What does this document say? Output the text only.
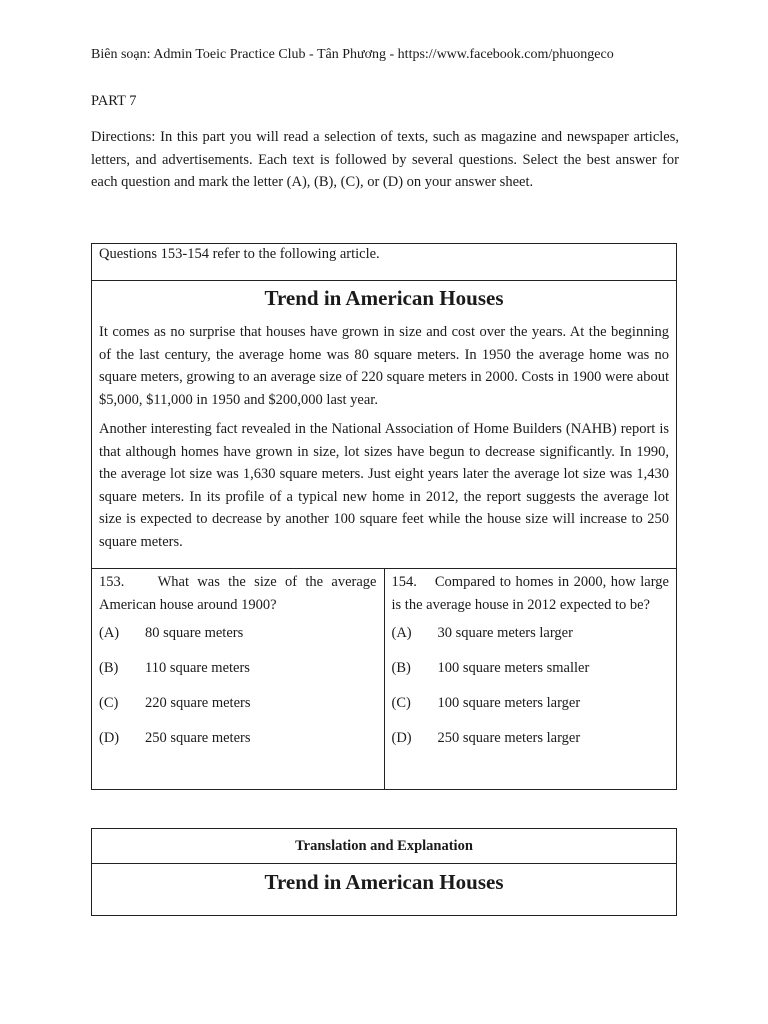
Biên soạn: Admin Toeic Practice Club - Tân Phương - https://www.facebook.com/phuongeco
PART 7
Directions: In this part you will read a selection of texts, such as magazine and newspaper articles, letters, and advertisements. Each text is followed by several questions. Select the best answer for each question and mark the letter (A), (B), (C), or (D) on your answer sheet.
Questions 153-154 refer to the following article.

Trend in American Houses

It comes as no surprise that houses have grown in size and cost over the years. At the beginning of the last century, the average home was 80 square meters. In 1950 the average home was no square meters, growing to an average size of 220 square meters in 2000. Costs in 1900 were about $5,000, $11,000 in 1950 and $200,000 last year.

Another interesting fact revealed in the National Association of Home Builders (NAHB) report is that although homes have grown in size, lot sizes have begun to decrease significantly. In 1990, the average lot size was 1,630 square meters. Just eight years later the average lot size was 1,430 square meters. In its profile of a typical new home in 2012, the report suggests the average lot size is expected to decrease by another 100 square feet while the house size will increase to 250 square meters.

153. What was the size of the average American house around 1900?
(A)	80 square meters
(B)	110 square meters
(C)	220 square meters
(D)	250 square meters

154. Compared to homes in 2000, how large is the average house in 2012 expected to be?
(A)	30 square meters larger
(B)	100 square meters smaller
(C)	100 square meters larger
(D)	250 square meters larger
Translation and Explanation
Trend in American Houses
